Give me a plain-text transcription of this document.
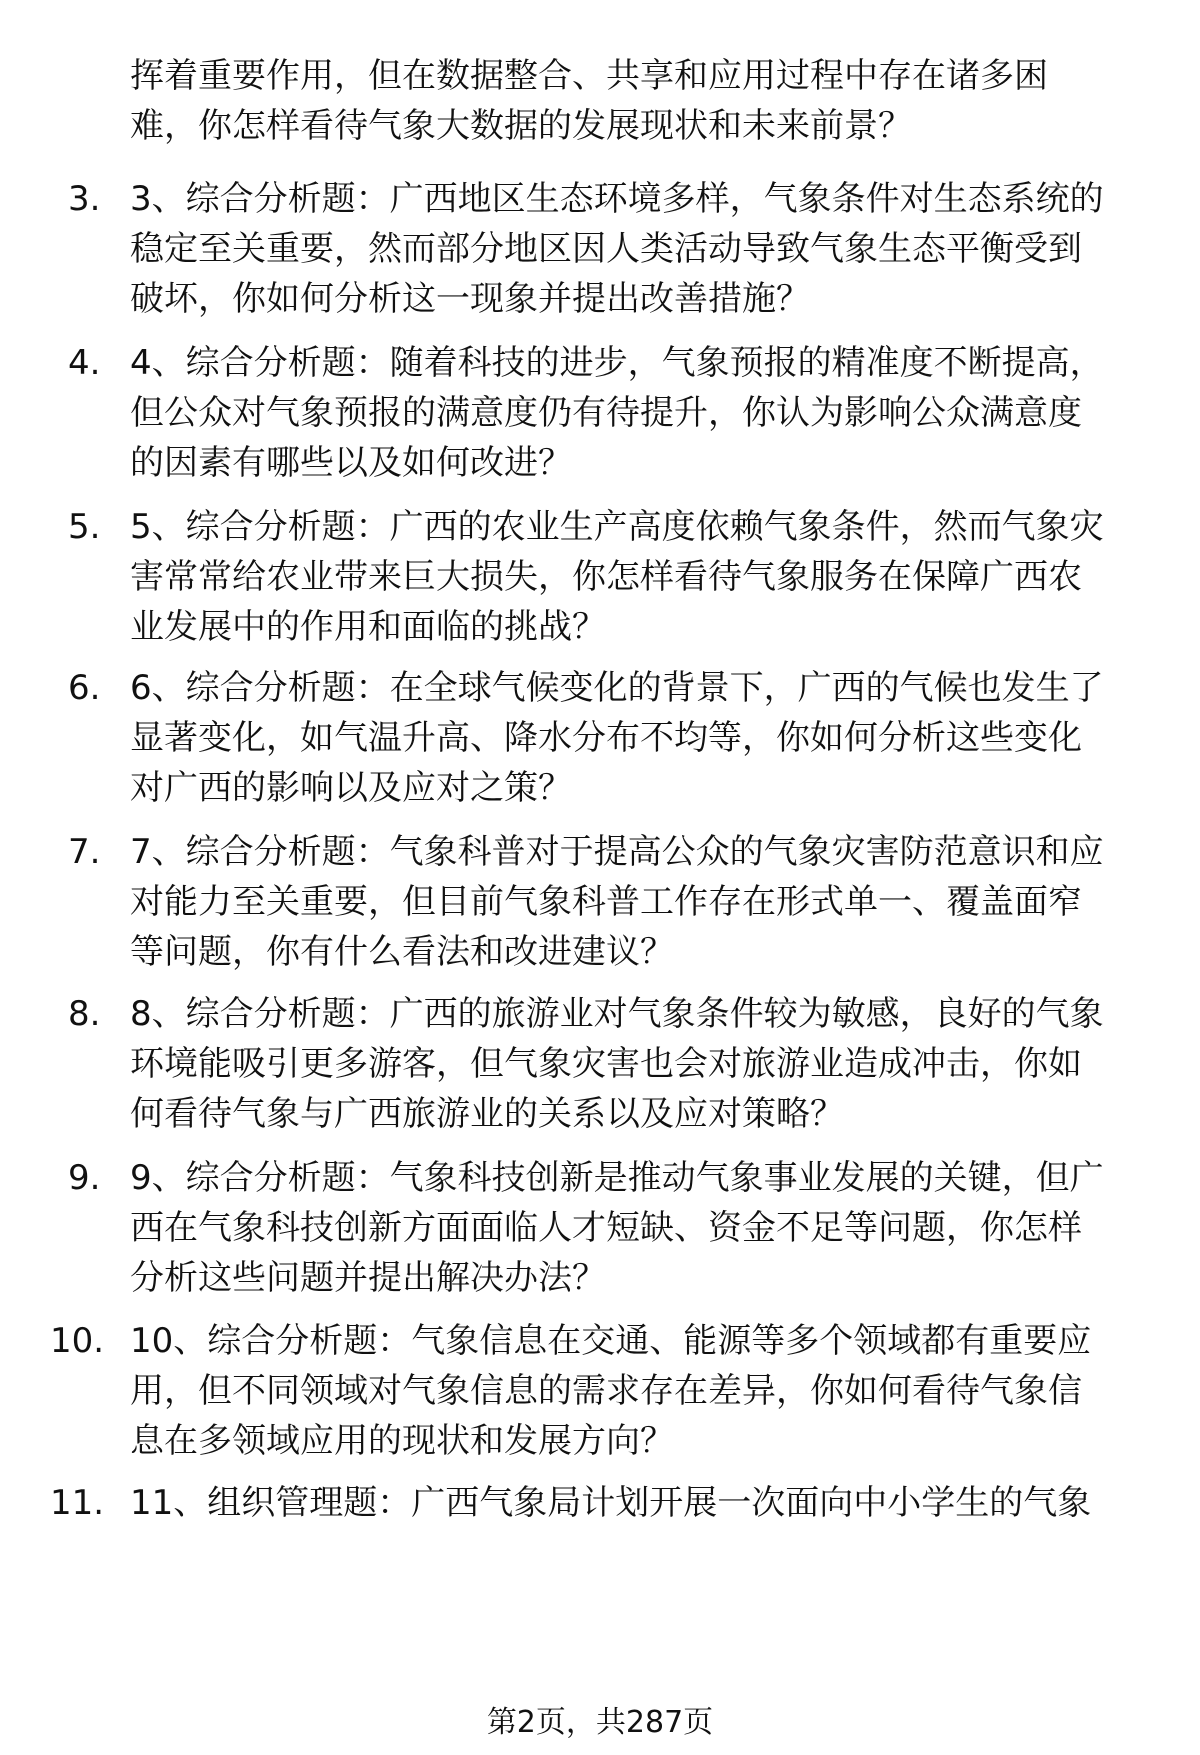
挥着重要作用，但在数据整合、共享和应用过程中存在诸多困
难，你怎样看待气象大数据的发展现状和未来前景？
3. 3、综合分析题：广西地区生态环境多样，气象条件对生态系统的
稳定至关重要，然而部分地区因人类活动导致气象生态平衡受到
破坏，你如何分析这一现象并提出改善措施？
4. 4、综合分析题：随着科技的进步，气象预报的精准度不断提高，
但公众对气象预报的满意度仍有待提升，你认为影响公众满意度
的因素有哪些以及如何改进？
5. 5、综合分析题：广西的农业生产高度依赖气象条件，然而气象灾
害常常给农业带来巨大损失，你怎样看待气象服务在保障广西农
业发展中的作用和面临的挑战？
6. 6、综合分析题：在全球气候变化的背景下，广西的气候也发生了
显著变化，如气温升高、降水分布不均等，你如何分析这些变化
对广西的影响以及应对之策？
7. 7、综合分析题：气象科普对于提高公众的气象灾害防范意识和应
对能力至关重要，但目前气象科普工作存在形式单一、覆盖面窄
等问题，你有什么看法和改进建议？
8. 8、综合分析题：广西的旅游业对气象条件较为敏感，良好的气象
环境能吸引更多游客，但气象灾害也会对旅游业造成冲击，你如
何看待气象与广西旅游业的关系以及应对策略？
9. 9、综合分析题：气象科技创新是推动气象事业发展的关键，但广
西在气象科技创新方面面临人才短缺、资金不足等问题，你怎样
分析这些问题并提出解决办法？
10. 10、综合分析题：气象信息在交通、能源等多个领域都有重要应
用，但不同领域对气象信息的需求存在差异，你如何看待气象信
息在多领域应用的现状和发展方向？
11. 11、组织管理题：广西气象局计划开展一次面向中小学生的气象
第2页，共287页
